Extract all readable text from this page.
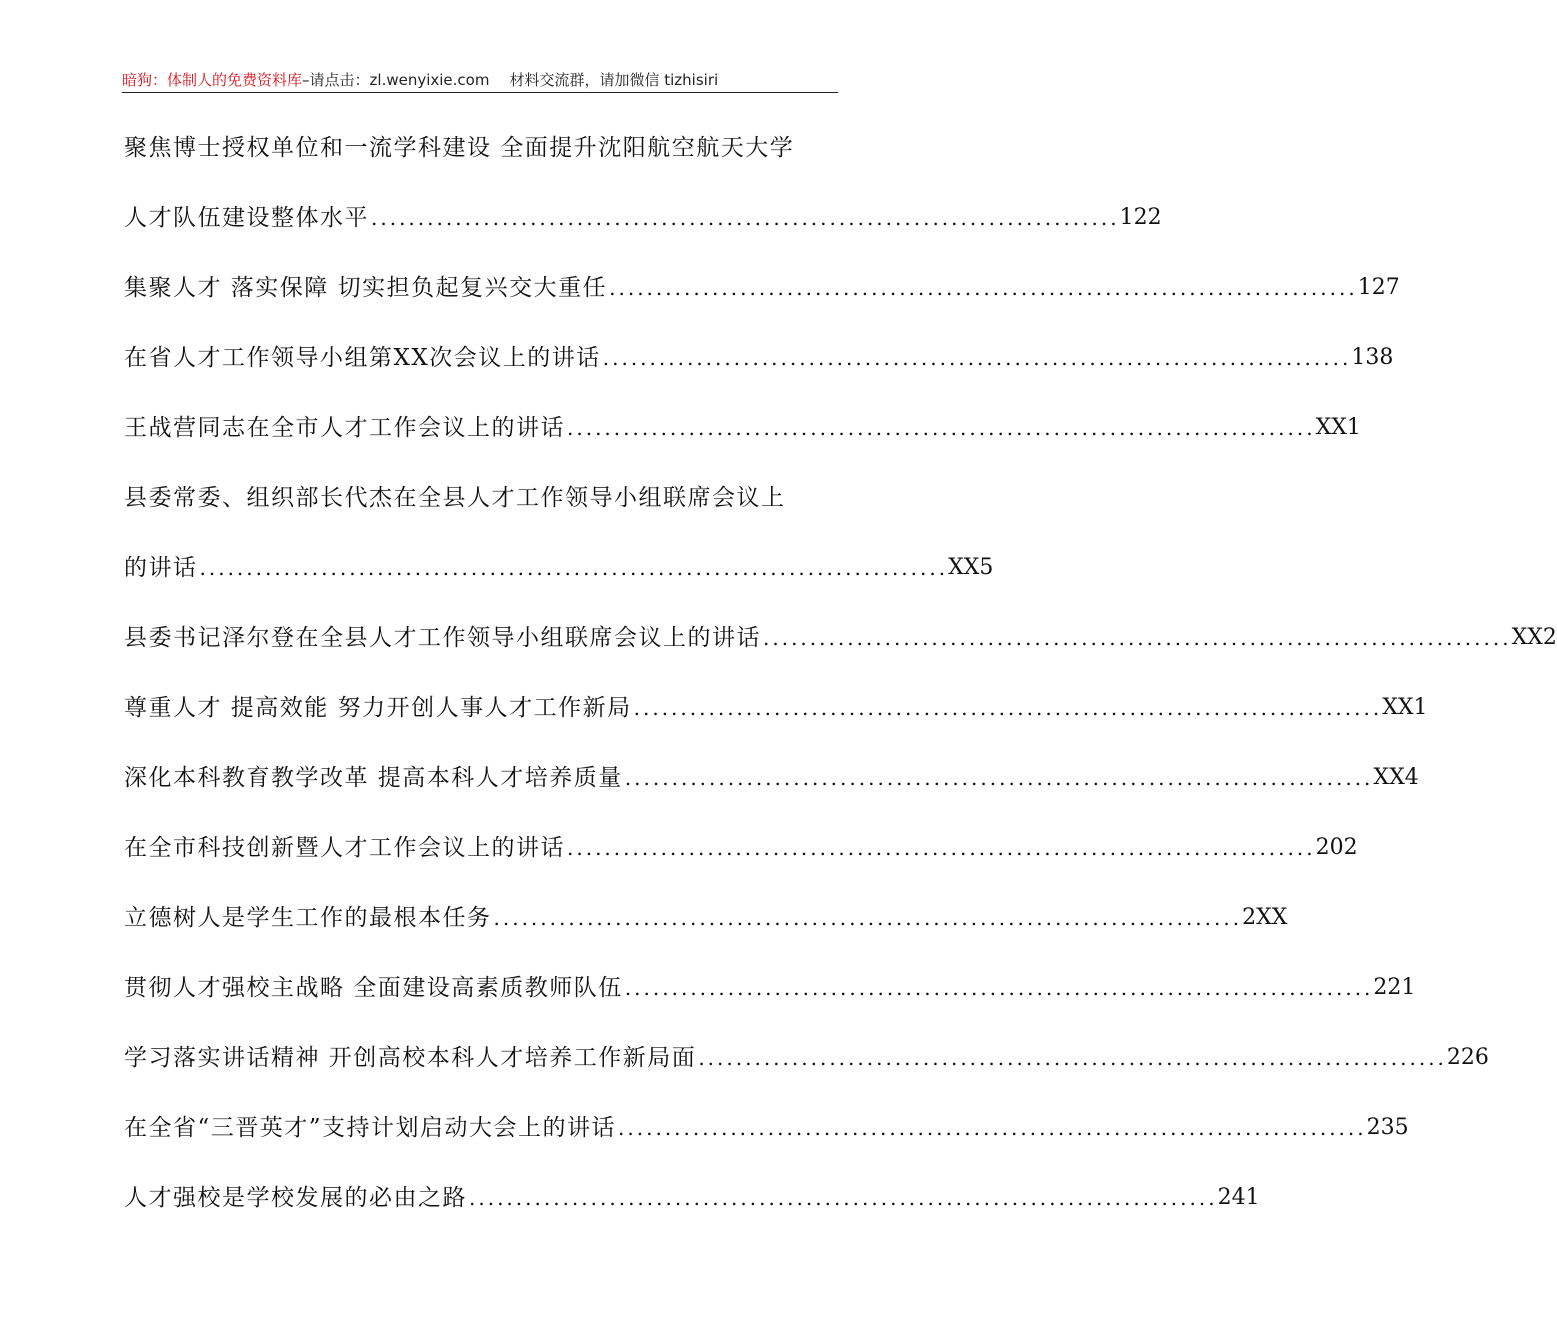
暗狗：体制人的免费资料库–请点击：zl.wenyixie.com 材料交流群，请加微信 tizhisiri
聚焦博士授权单位和一流学科建设 全面提升沈阳航空航天大学
人才队伍建设整体水平 ................................................................................ 122
集聚人才 落实保障 切实担负起复兴交大重任 ................................................................................ 127
在省人才工作领导小组第XX次会议上的讲话 ................................................................................ 138
王战营同志在全市人才工作会议上的讲话 ................................................................................ XX1
县委常委、组织部长代杰在全县人才工作领导小组联席会议上
的讲话 ................................................................................ XX5
县委书记泽尔登在全县人才工作领导小组联席会议上的讲话 ................................................................................ XX2
尊重人才 提高效能 努力开创人事人才工作新局 ................................................................................ XX1
深化本科教育教学改革 提高本科人才培养质量 ................................................................................ XX4
在全市科技创新暨人才工作会议上的讲话 ................................................................................ 202
立德树人是学生工作的最根本任务 ................................................................................ 2XX
贯彻人才强校主战略 全面建设高素质教师队伍 ................................................................................ 221
学习落实讲话精神 开创高校本科人才培养工作新局面 ................................................................................ 226
在全省“三晋英才”支持计划启动大会上的讲话 ................................................................................ 235
人才强校是学校发展的必由之路 ................................................................................ 241
